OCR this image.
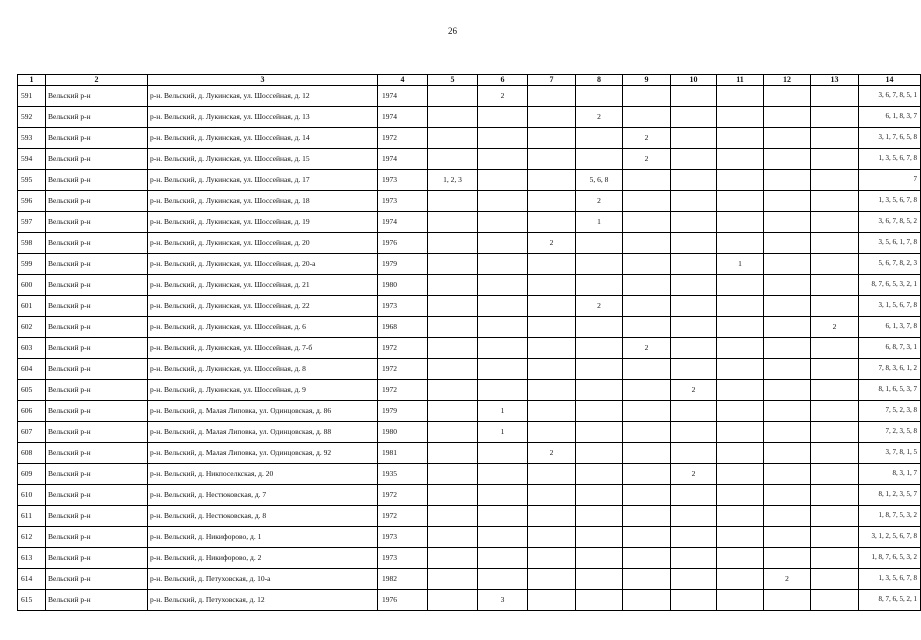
26
1	2	3	4	5	6	7	8	9	10	11	12	13	14
591	Вельский р-н	р-н. Вельский, д. Лукинская, ул. Шоссейная, д. 12	1974		2								3, 6, 7, 8, 5, 1
592	Вельский р-н	р-н. Вельский, д. Лукинская, ул. Шоссейная, д. 13	1974				2						6, 1, 8, 3, 7
593	Вельский р-н	р-н. Вельский, д. Лукинская, ул. Шоссейная, д. 14	1972					2					3, 1, 7, 6, 5, 8
594	Вельский р-н	р-н. Вельский, д. Лукинская, ул. Шоссейная, д. 15	1974					2					1, 3, 5, 6, 7, 8
595	Вельский р-н	р-н. Вельский, д. Лукинская, ул. Шоссейная, д. 17	1973	1, 2, 3			5, 6, 8						7
596	Вельский р-н	р-н. Вельский, д. Лукинская, ул. Шоссейная, д. 18	1973				2						1, 3, 5, 6, 7, 8
597	Вельский р-н	р-н. Вельский, д. Лукинская, ул. Шоссейная, д. 19	1974				1						3, 6, 7, 8, 5, 2
598	Вельский р-н	р-н. Вельский, д. Лукинская, ул. Шоссейная, д. 20	1976			2							3, 5, 6, 1, 7, 8
599	Вельский р-н	р-н. Вельский, д. Лукинская, ул. Шоссейная, д. 20-а	1979							1			5, 6, 7, 8, 2, 3
600	Вельский р-н	р-н. Вельский, д. Лукинская, ул. Шоссейная, д. 21	1980										8, 7, 6, 5, 3, 2, 1
601	Вельский р-н	р-н. Вельский, д. Лукинская, ул. Шоссейная, д. 22	1973				2						3, 1, 5, 6, 7, 8
602	Вельский р-н	р-н. Вельский, д. Лукинская, ул. Шоссейная, д. 6	1968									2	6, 1, 3, 7, 8
603	Вельский р-н	р-н. Вельский, д. Лукинская, ул. Шоссейная, д. 7-б	1972					2					6, 8, 7, 3, 1
604	Вельский р-н	р-н. Вельский, д. Лукинская, ул. Шоссейная, д. 8	1972										7, 8, 3, 6, 1, 2
605	Вельский р-н	р-н. Вельский, д. Лукинская, ул. Шоссейная, д. 9	1972						2				8, 1, 6, 5, 3, 7
606	Вельский р-н	р-н. Вельский, д. Малая Липовка, ул. Одинцовская, д. 86	1979		1								7, 5, 2, 3, 8
607	Вельский р-н	р-н. Вельский, д. Малая Липовка, ул. Одинцовская, д. 88	1980		1								7, 2, 3, 5, 8
608	Вельский р-н	р-н. Вельский, д. Малая Липовка, ул. Одинцовская, д. 92	1981			2							3, 7, 8, 1, 5
609	Вельский р-н	р-н. Вельский, д. Никпоселкская, д. 20	1935						2				8, 3, 1, 7
610	Вельский р-н	р-н. Вельский, д. Нестюковская, д. 7	1972										8, 1, 2, 3, 5, 7
611	Вельский р-н	р-н. Вельский, д. Нестюковская, д. 8	1972										1, 8, 7, 5, 3, 2
612	Вельский р-н	р-н. Вельский, д. Никифорово, д. 1	1973										3, 1, 2, 5, 6, 7, 8
613	Вельский р-н	р-н. Вельский, д. Никифорово, д. 2	1973										1, 8, 7, 6, 5, 3, 2
614	Вельский р-н	р-н. Вельский, д. Петуховская, д. 10-а	1982								2		1, 3, 5, 6, 7, 8
615	Вельский р-н	р-н. Вельский, д. Петуховская, д. 12	1976		3								8, 7, 6, 5, 2, 1
